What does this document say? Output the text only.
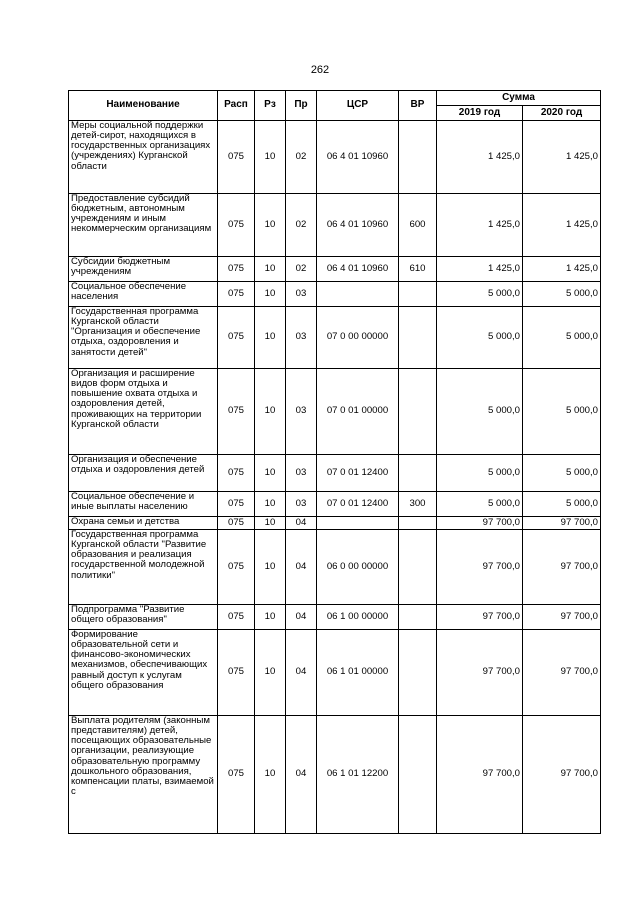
262
Наименование	Расп	Рз	Пр	ЦСР	ВР	Сумма	
						2019 год	2020 год
Меры социальной поддержки детей-сирот, находящихся в государственных организациях (учреждениях) Курганской области	075	10	02	06 4 01 10960		1 425,0	1 425,0
Предоставление субсидий бюджетным, автономным учреждениям и иным некоммерческим организациям	075	10	02	06 4 01 10960	600	1 425,0	1 425,0
Субсидии бюджетным учреждениям	075	10	02	06 4 01 10960	610	1 425,0	1 425,0
Социальное обеспечение населения	075	10	03			5 000,0	5 000,0
Государственная программа Курганской области "Организация и обеспечение отдыха, оздоровления и занятости детей"	075	10	03	07 0 00 00000		5 000,0	5 000,0
Организация и расширение видов форм отдыха и повышение охвата отдыха и оздоровления детей, проживающих на территории Курганской области	075	10	03	07 0 01 00000		5 000,0	5 000,0
Организация и обеспечение отдыха и оздоровления детей	075	10	03	07 0 01 12400		5 000,0	5 000,0
Социальное обеспечение и иные выплаты населению	075	10	03	07 0 01 12400	300	5 000,0	5 000,0
Охрана семьи и детства	075	10	04			97 700,0	97 700,0
Государственная программа Курганской области "Развитие образования и реализация государственной молодежной политики"	075	10	04	06 0 00 00000		97 700,0	97 700,0
Подпрограмма "Развитие общего образования"	075	10	04	06 1 00 00000		97 700,0	97 700,0
Формирование образовательной сети и финансово-экономических механизмов, обеспечивающих равный доступ к услугам общего образования	075	10	04	06 1 01 00000		97 700,0	97 700,0
Выплата родителям (законным представителям) детей, посещающих образовательные организации, реализующие образовательную программу дошкольного образования, компенсации платы, взимаемой с	075	10	04	06 1 01 12200		97 700,0	97 700,0
